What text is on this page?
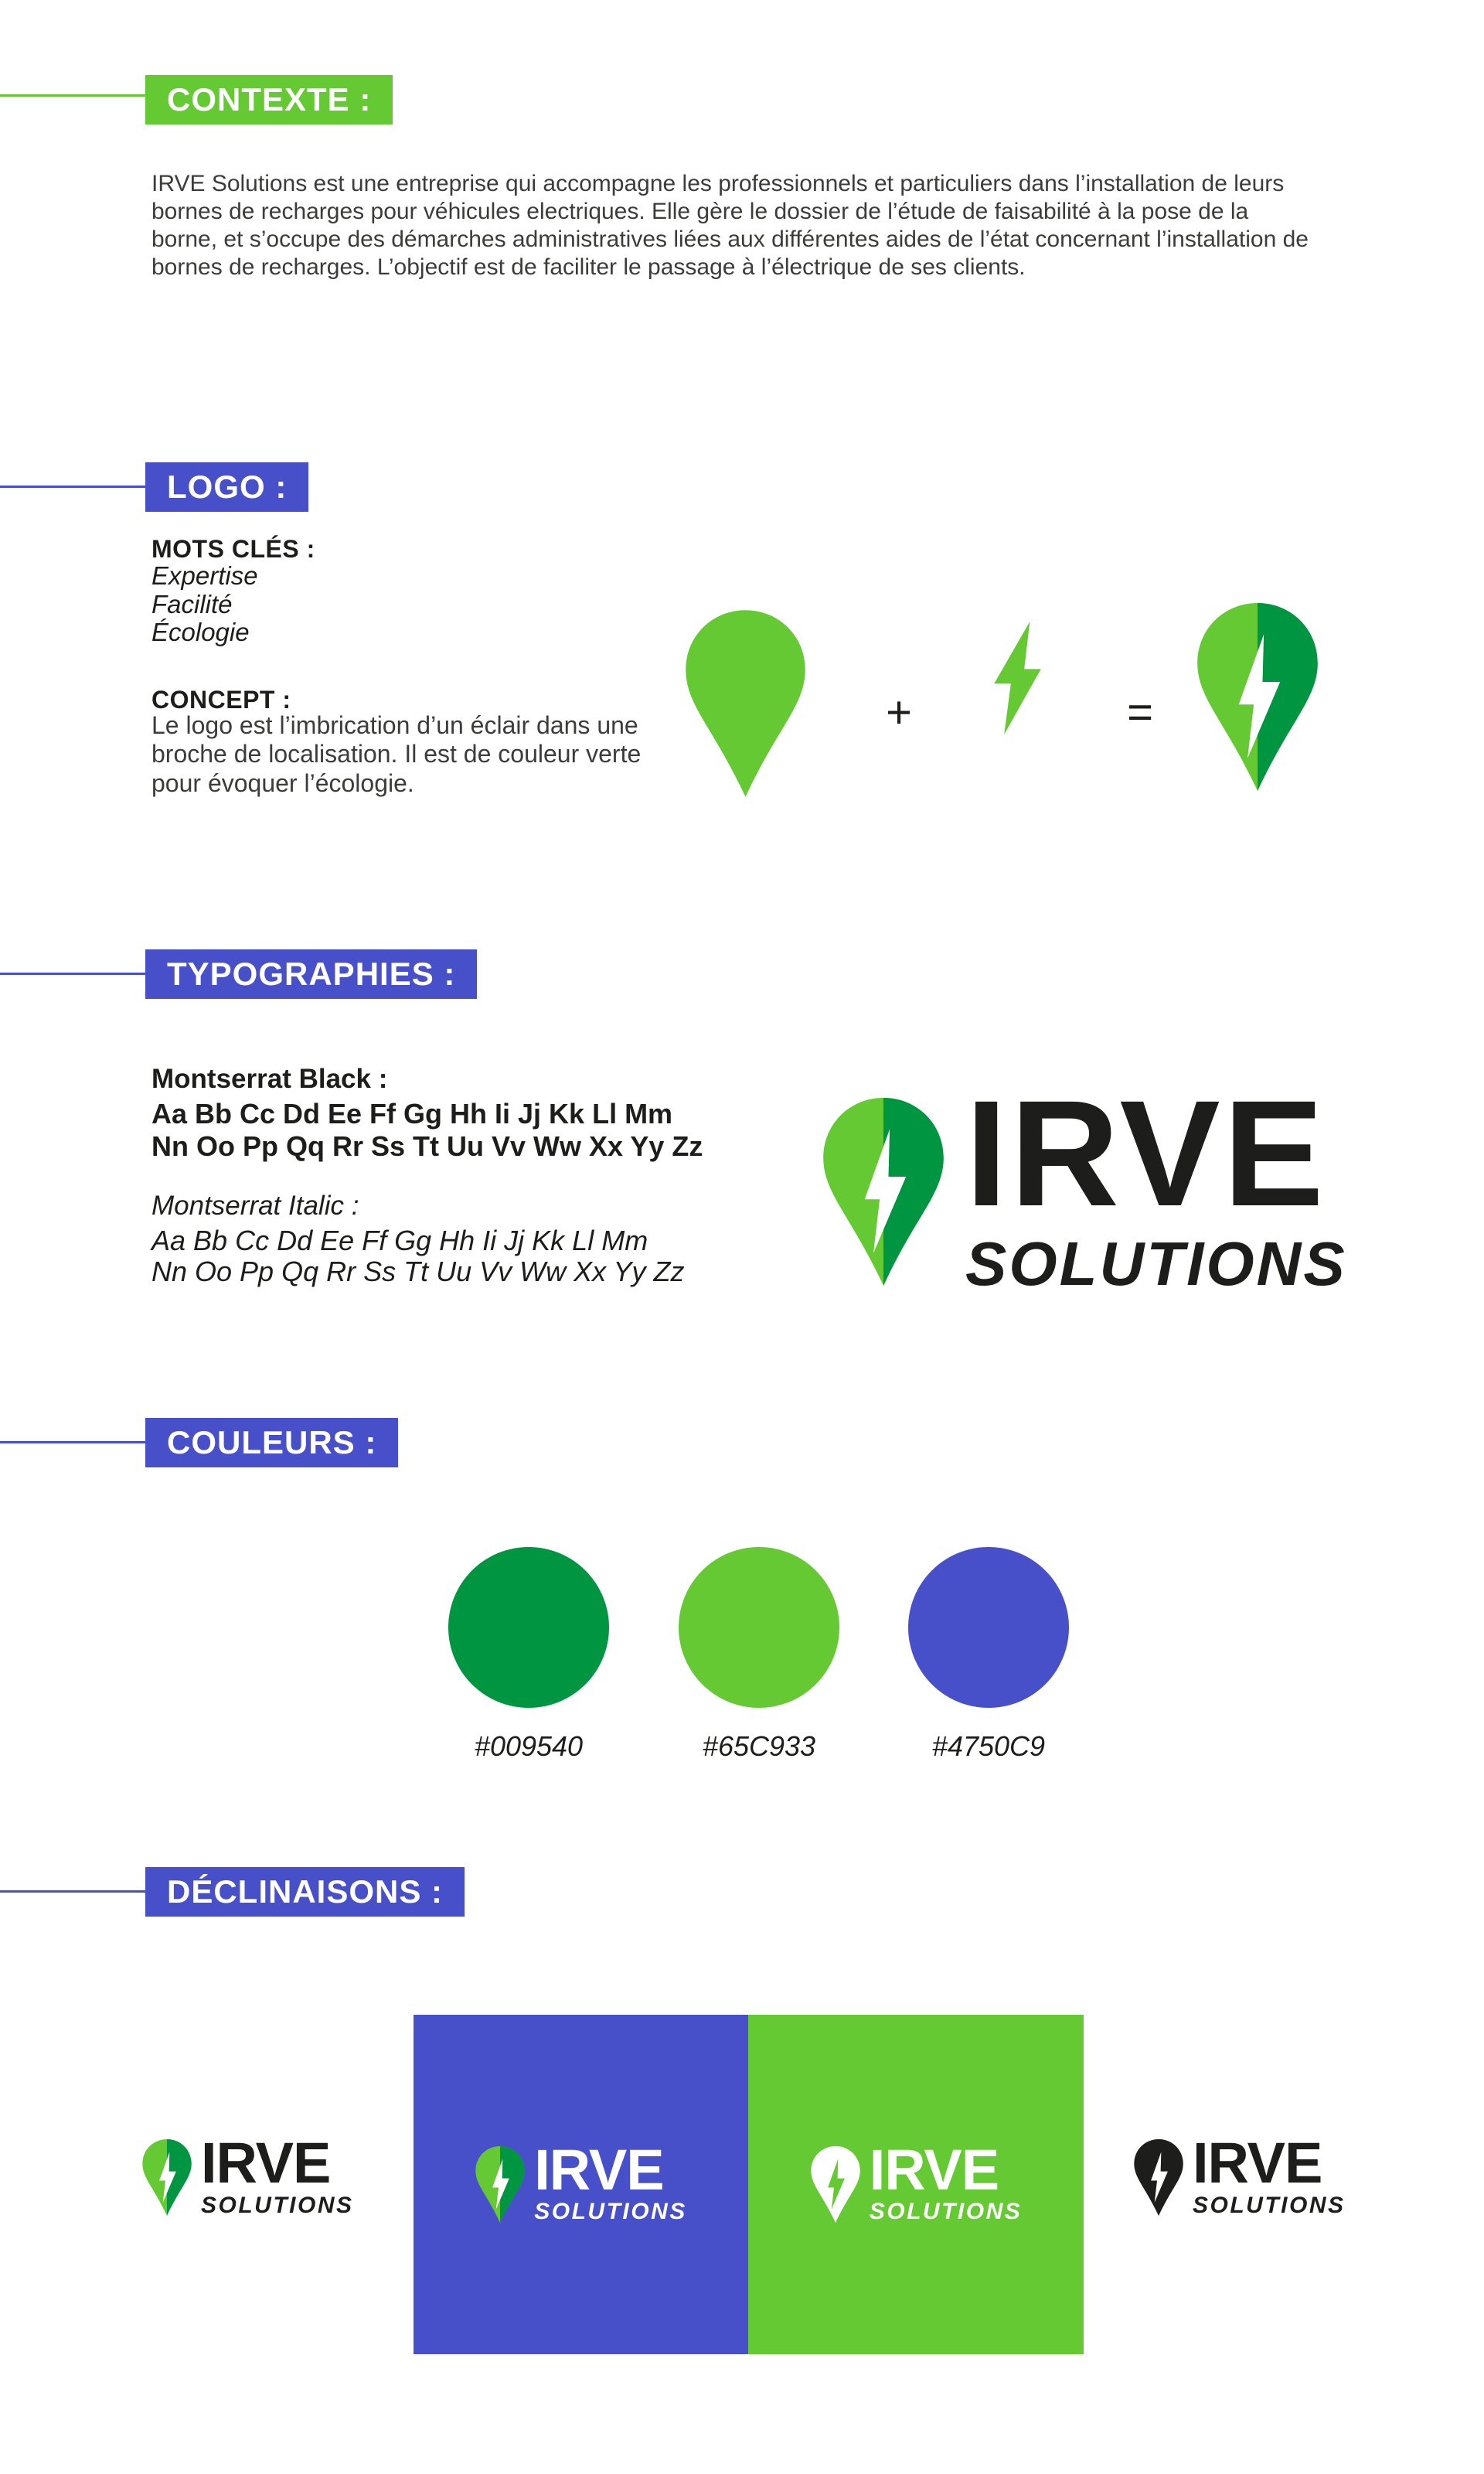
CONTEXTE :

IRVE Solutions est une entreprise qui accompagne les professionnels et particuliers dans l’installation de leurs bornes de recharges pour véhicules electriques. Elle gère le dossier de l’étude de faisabilité à la pose de la borne, et s’occupe des démarches administratives liées aux différentes aides de l’état concernant l’installation de bornes de recharges. L’objectif est de faciliter le passage à l’électrique de ses clients.

LOGO :
MOTS CLÉS :
Expertise
Facilité
Écologie
CONCEPT :

Le logo est l’imbrication d’un éclair dans une broche de localisation. Il est de couleur verte pour évoquer l’écologie.

+	=
TYPOGRAPHIES :
Montserrat Black :
Aa Bb Cc Dd Ee Ff Gg Hh Ii Jj Kk Ll Mm
Nn Oo Pp Qq Rr Ss Tt Uu Vv Ww Xx Yy Zz
Montserrat Italic :
Aa Bb Cc Dd Ee Ff Gg Hh Ii Jj Kk Ll Mm
Nn Oo Pp Qq Rr Ss Tt Uu Vv Ww Xx Yy Zz
IRVE
SOLUTIONS
COULEURS :
#009540	#65C933	#4750C9
DÉCLINAISONS :
IRVE
SOLUTIONS
IRVE
SOLUTIONS
IRVE
SOLUTIONS
IRVE
SOLUTIONS
